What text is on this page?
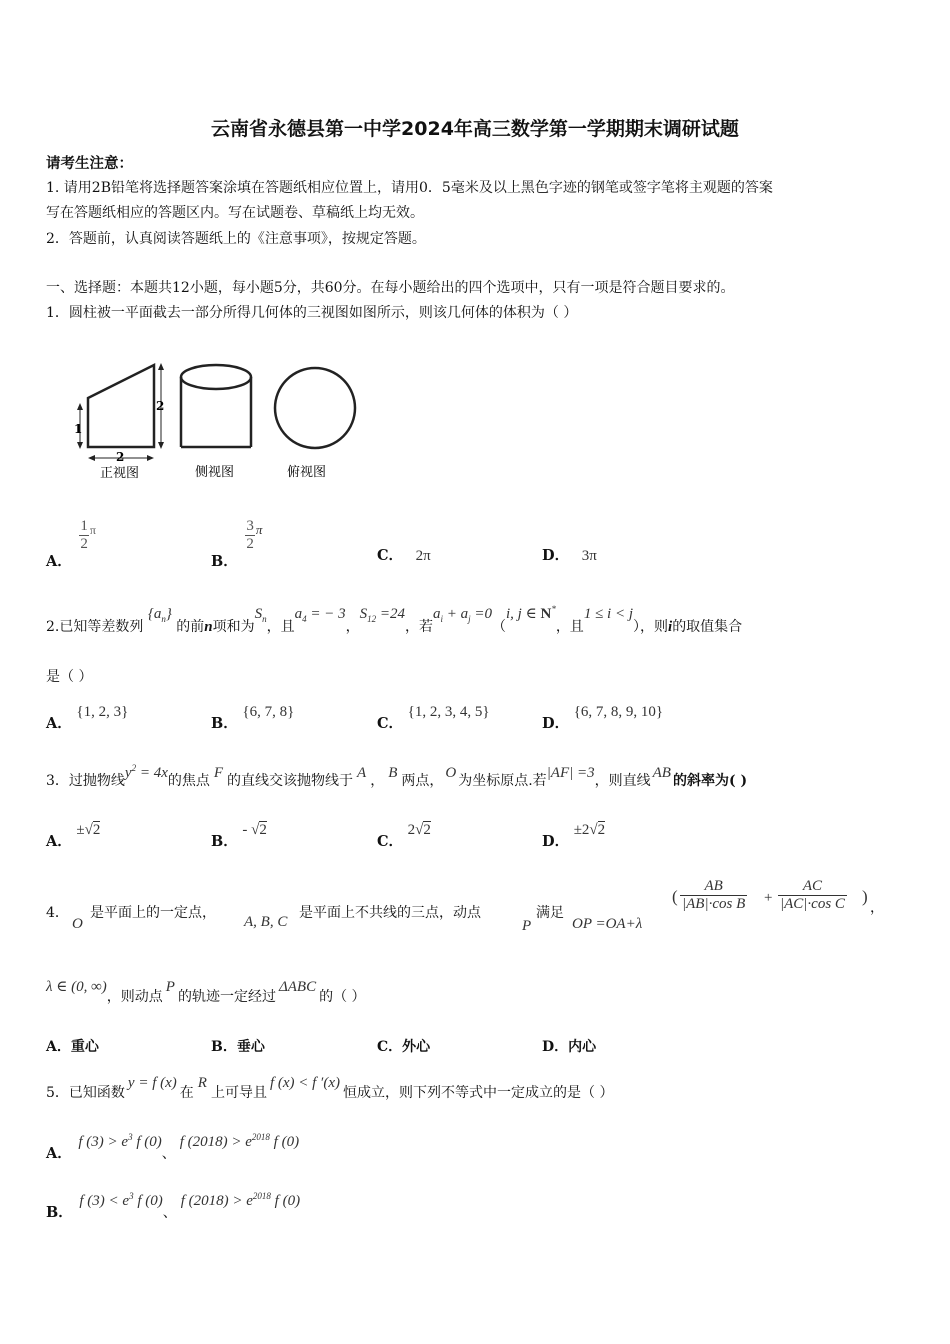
云南省永德县第一中学2024年高三数学第一学期期末调研试题
请考生注意：
1. 请用2B铅笔将选择题答案涂填在答题纸相应位置上，请用0．5毫米及以上黑色字迹的钢笔或签字笔将主观题的答案
写在答题纸相应的答题区内。写在试题卷、草稿纸上均无效。
2．答题前，认真阅读答题纸上的《注意事项》，按规定答题。
一、选择题：本题共12小题，每小题5分，共60分。在每小题给出的四个选项中，只有一项是符合题目要求的。
1．圆柱被一平面截去一部分所得几何体的三视图如图所示，则该几何体的体积为（ ）
1
2
2
正视图	侧视图	俯视图
A．
$\frac{1}{2} ^\pi$
B．
$\frac{3}{2}$ π
C． 2π	D． 3π
2.已知等差数列 $\{a_n\}$ 的前n项和为$S_n$，且$a_4$ = − 3，$S_{12} =24$，若$a_i + a_j =0(i$, j ∈ N*，且1 ≤ i < j），则i的取值集合
是（ ）
A． {1, 2, 3}
B． {6, 7, 8}
C． {1, 2, 3, 4, 5}
D． {6, 7, 8, 9, 10}
3．过抛物线$y^2 = 4x$的焦点 F 的直线交该抛物线于 A ， B 两点， O 为坐标原点.若|AF| =3，则直线 AB 的斜率为( )
A． ±√2
B． - √2
C． 2√2
D． ±2√2
4．
O
是平面上的一定点，
A, B, C
是平面上不共线的三点，动点
P
满足
OP =OA+λ
( $\frac{AB}{\text{|AB|·cos B}} + \frac{AC}{\text{|AC|·cos C}}$ )
，
λ ∈ (0, ∞)，则动点P的轨迹一定经过ΔABC的（ ）
A．重心	B．垂心	C．外心	D．内心
5．已知函数y = f (x)在R上可导且f (x) < f ′(x)恒成立，则下列不等式中一定成立的是（ ）
A． f $(3) > e^3$ f (0)、f $(2018) > e^{2018}$ f (0)
B． f $(3) < e^3$ f (0)、f $(2018) > e^{2018}$ f (0)
